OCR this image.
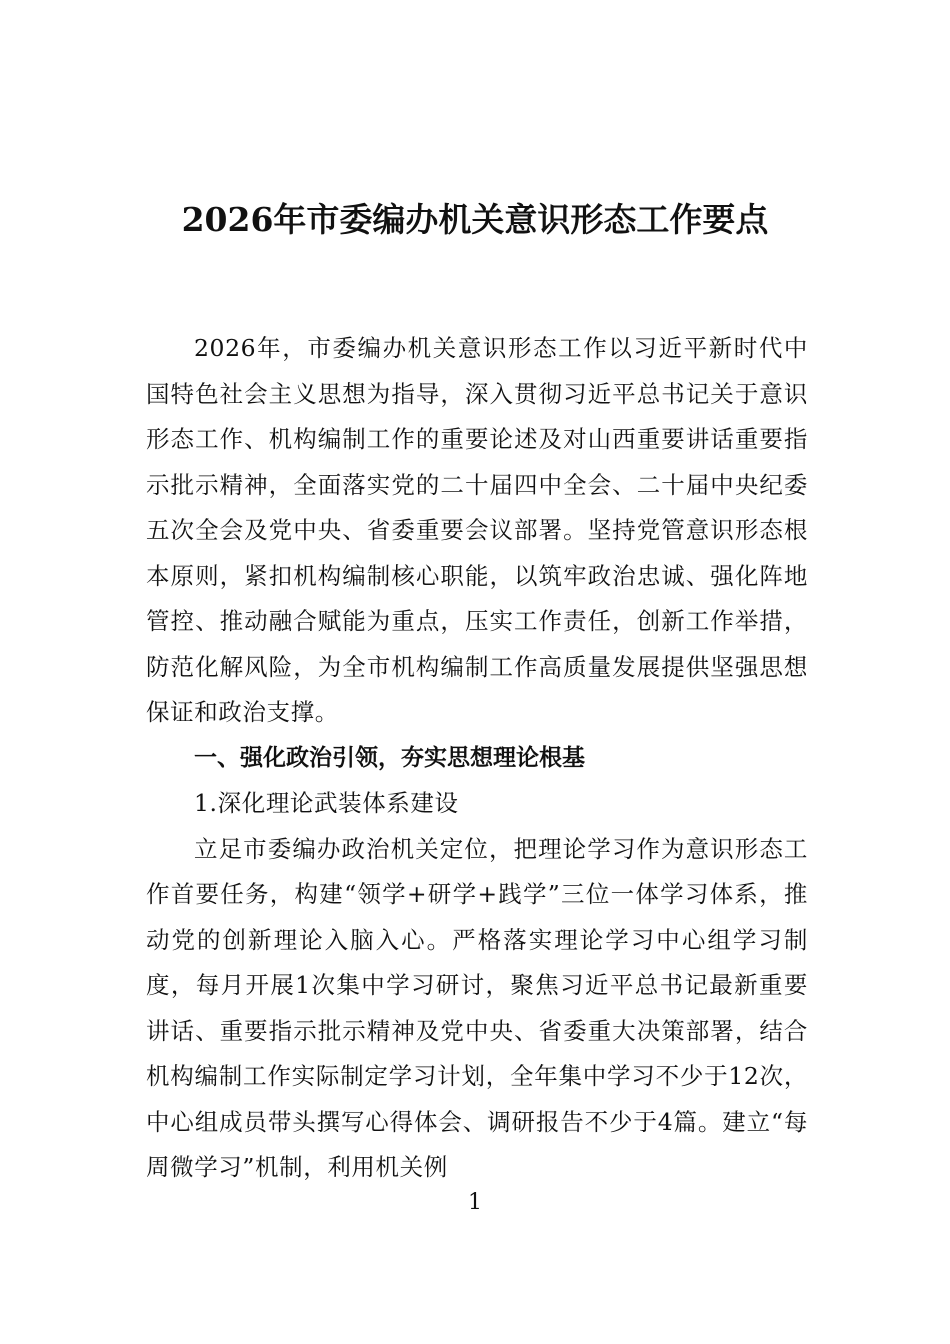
2026年市委编办机关意识形态工作要点

2026年，市委编办机关意识形态工作以习近平新时代中国特色社会主义思想为指导，深入贯彻习近平总书记关于意识形态工作、机构编制工作的重要论述及对山西重要讲话重要指示批示精神，全面落实党的二十届四中全会、二十届中央纪委五次全会及党中央、省委重要会议部署。坚持党管意识形态根本原则，紧扣机构编制核心职能，以筑牢政治忠诚、强化阵地管控、推动融合赋能为重点，压实工作责任，创新工作举措，防范化解风险，为全市机构编制工作高质量发展提供坚强思想保证和政治支撑。

一、强化政治引领，夯实思想理论根基

1.深化理论武装体系建设

立足市委编办政治机关定位，把理论学习作为意识形态工作首要任务，构建“领学+研学+践学”三位一体学习体系，推动党的创新理论入脑入心。严格落实理论学习中心组学习制度，每月开展1次集中学习研讨，聚焦习近平总书记最新重要讲话、重要指示批示精神及党中央、省委重大决策部署，结合机构编制工作实际制定学习计划，全年集中学习不少于12次，中心组成员带头撰写心得体会、调研报告不少于4篇。建立“每周微学习”机制，利用机关例

1
